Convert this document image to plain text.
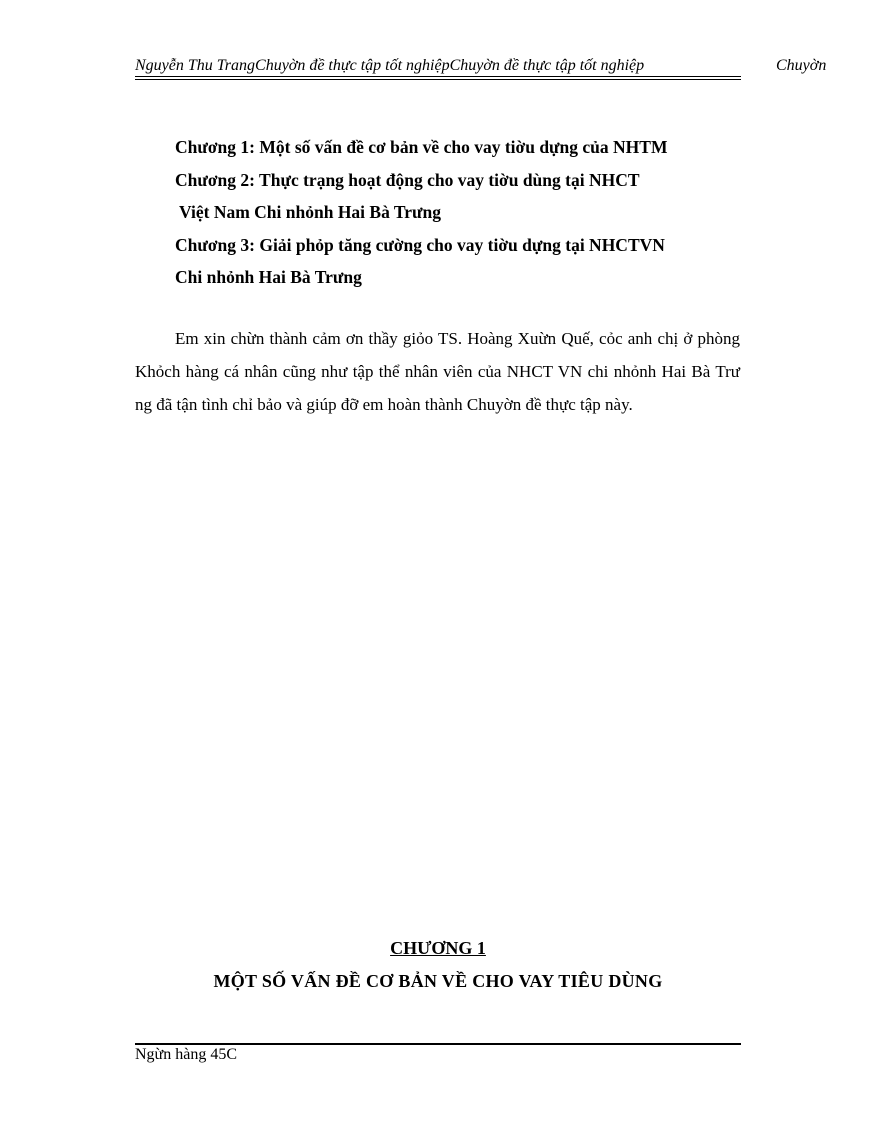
Nguyễn Thu TrangChuyờn đề thực tập tốt nghiệpChuyờn đề thực tập tốt nghiệp	Chuyờn
Chương 1: Một số vấn đề cơ bản về cho vay tiờu dựng của NHTM
Chương 2: Thực trạng hoạt động cho vay tiờu dùng tại NHCT
Việt Nam Chi nhỏnh Hai Bà Trưng
Chương 3: Giải phỏp tăng cường cho vay tiờu dựng tại NHCTVN
Chi nhỏnh Hai Bà Trưng

Em xin chừn thành cảm ơn thầy giỏo TS. Hoàng Xuừn Quế, cỏc anh chị ở phòng Khỏch hàng cá nhân cũng như tập thể nhân viên của NHCT VN chi nhỏnh Hai Bà Trư ng đã tận tình chỉ bảo và giúp đỡ em hoàn thành Chuyờn đề thực tập này.

CHƯƠNG 1
MỘT SỐ VẤN ĐỀ CƠ BẢN VỀ CHO VAY TIÊU DÙNG
Ngừn hàng 45C
